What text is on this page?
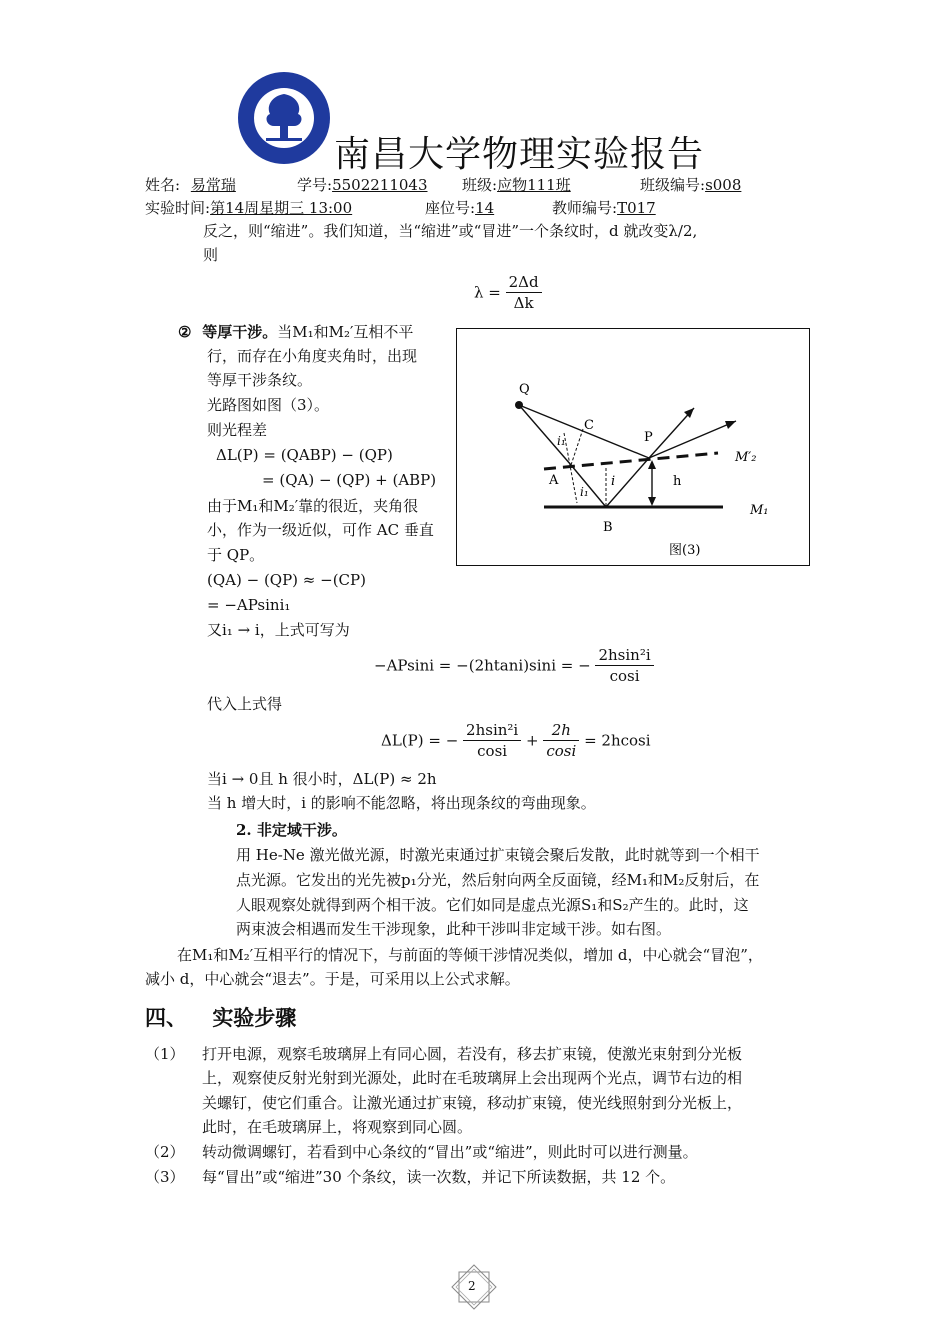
南昌大学物理实验报告
姓名: 易常瑞	学号:5502211043 班级:应物111班	班级编号:s008
实验时间:第14周星期三 13:00	座位号:14	教师编号:T017
反之，则“缩进”。我们知道，当“缩进”或“冒进”一个条纹时，d 就改变λ/2,
则
$\lambda = \frac{2\Delta d}{\Delta k}$
② 等厚干涉。当M₁和M₂′互相不平
行，而存在小角度夹角时，出现
等厚干涉条纹。
光路图如图（3）。
则光程差
ΔL(P) = (QABP) − (QP)
= (QA) − (QP) + (ABP)
由于M₁和M₂′靠的很近，夹角很
小，作为一级近似，可作 AC 垂直
于 QP。
(QA) − (QP) ≈ −(CP)
= −APsini₁
又i₁ → i，上式可写为
Q
C
P
A
B
h
i
i₁
i₁
M′₂
M₁
图(3)
−APsini = −(2htani)sini = − $\frac{\text{2hsin²i}}{\cos i}$
代入上式得
ΔL(P) = − $\frac{\text{2hsin²i}}{\cos i} + \frac{2h}{\cos i} = 2hcosi$
当i → 0且 h 很小时，ΔL(P) ≈ 2h
当 h 增大时，i 的影响不能忽略，将出现条纹的弯曲现象。
2. 非定域干涉。
用 He-Ne 激光做光源，时激光束通过扩束镜会聚后发散，此时就等到一个相干
点光源。它发出的光先被p₁分光，然后射向两全反面镜，经M₁和M₂反射后，在
人眼观察处就得到两个相干波。它们如同是虚点光源S₁和S₂产生的。此时，这
两束波会相遇而发生干涉现象，此种干涉叫非定域干涉。如右图。
在M₁和M₂′互相平行的情况下，与前面的等倾干涉情况类似，增加 d，中心就会“冒泡”，
减小 d，中心就会“退去”。于是，可采用以上公式求解。
四、 实验步骤
（1） 打开电源，观察毛玻璃屏上有同心圆，若没有，移去扩束镜，使激光束射到分光板
上，观察使反射光射到光源处，此时在毛玻璃屏上会出现两个光点，调节右边的相
关螺钉，使它们重合。让激光通过扩束镜，移动扩束镜，使光线照射到分光板上，
此时，在毛玻璃屏上，将观察到同心圆。
（2） 转动微调螺钉，若看到中心条纹的“冒出”或“缩进”，则此时可以进行测量。
（3） 每“冒出”或“缩进”30 个条纹，读一次数，并记下所读数据，共 12 个。
2
